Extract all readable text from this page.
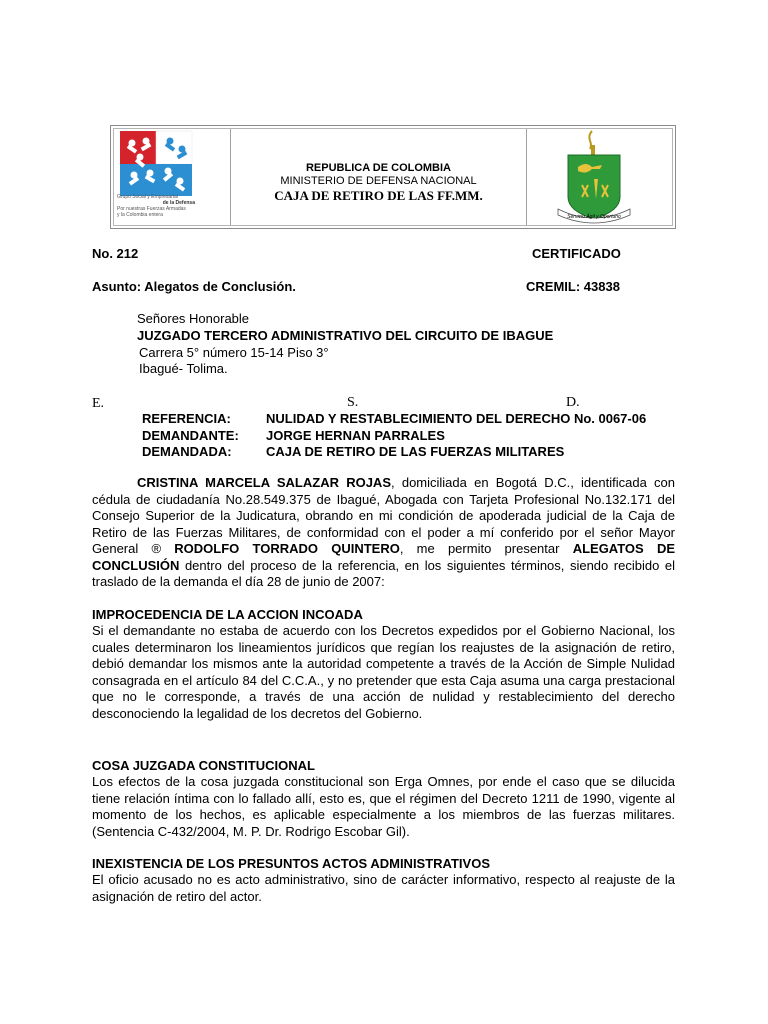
Grupo Social y Empresarial
de la Defensa
Por nuestras Fuerzas Armadas
y la Colombia entera
REPUBLICA DE COLOMBIA
MINISTERIO DE DEFENSA NACIONAL
CAJA DE RETIRO DE LAS FF.MM.
Servicio Ágil y Oportuno
No. 212	CERTIFICADO
Asunto: Alegatos de Conclusión.	CREMIL: 43838
Señores Honorable
JUZGADO TERCERO ADMINISTRATIVO DEL CIRCUITO DE IBAGUE
Carrera 5° número 15-14 Piso 3°
Ibagué- Tolima.
E.	S.	D.
REFERENCIA:	NULIDAD Y RESTABLECIMIENTO DEL DERECHO No. 0067-06
DEMANDANTE: JORGE HERNAN PARRALES
DEMANDADA:	CAJA DE RETIRO DE LAS FUERZAS MILITARES

CRISTINA MARCELA SALAZAR ROJAS, domiciliada en Bogotá D.C., identificada con cédula de ciudadanía No.28.549.375 de Ibagué, Abogada con Tarjeta Profesional No.132.171 del Consejo Superior de la Judicatura, obrando en mi condición de apoderada judicial de la Caja de Retiro de las Fuerzas Militares, de conformidad con el poder a mí conferido por el señor Mayor General ® RODOLFO TORRADO QUINTERO, me permito presentar ALEGATOS DE CONCLUSIÓN dentro del proceso de la referencia, en los siguientes términos, siendo recibido el traslado de la demanda el día 28 de junio de 2007:

IMPROCEDENCIA DE LA ACCION INCOADA

Si el demandante no estaba de acuerdo con los Decretos expedidos por el Gobierno Nacional, los cuales determinaron los lineamientos jurídicos que regían los reajustes de la asignación de retiro, debió demandar los mismos ante la autoridad competente a través de la Acción de Simple Nulidad consagrada en el artículo 84 del C.C.A., y no pretender que esta Caja asuma una carga prestacional que no le corresponde, a través de una acción de nulidad y restablecimiento del derecho desconociendo la legalidad de los decretos del Gobierno.

COSA JUZGADA CONSTITUCIONAL

Los efectos de la cosa juzgada constitucional son Erga Omnes, por ende el caso que se dilucida tiene relación íntima con lo fallado allí, esto es, que el régimen del Decreto 1211 de 1990, vigente al momento de los hechos, es aplicable especialmente a los miembros de las fuerzas militares. (Sentencia C-432/2004, M. P. Dr. Rodrigo Escobar Gil).

INEXISTENCIA DE LOS PRESUNTOS ACTOS ADMINISTRATIVOS

El oficio acusado no es acto administrativo, sino de carácter informativo, respecto al reajuste de la asignación de retiro del actor.
